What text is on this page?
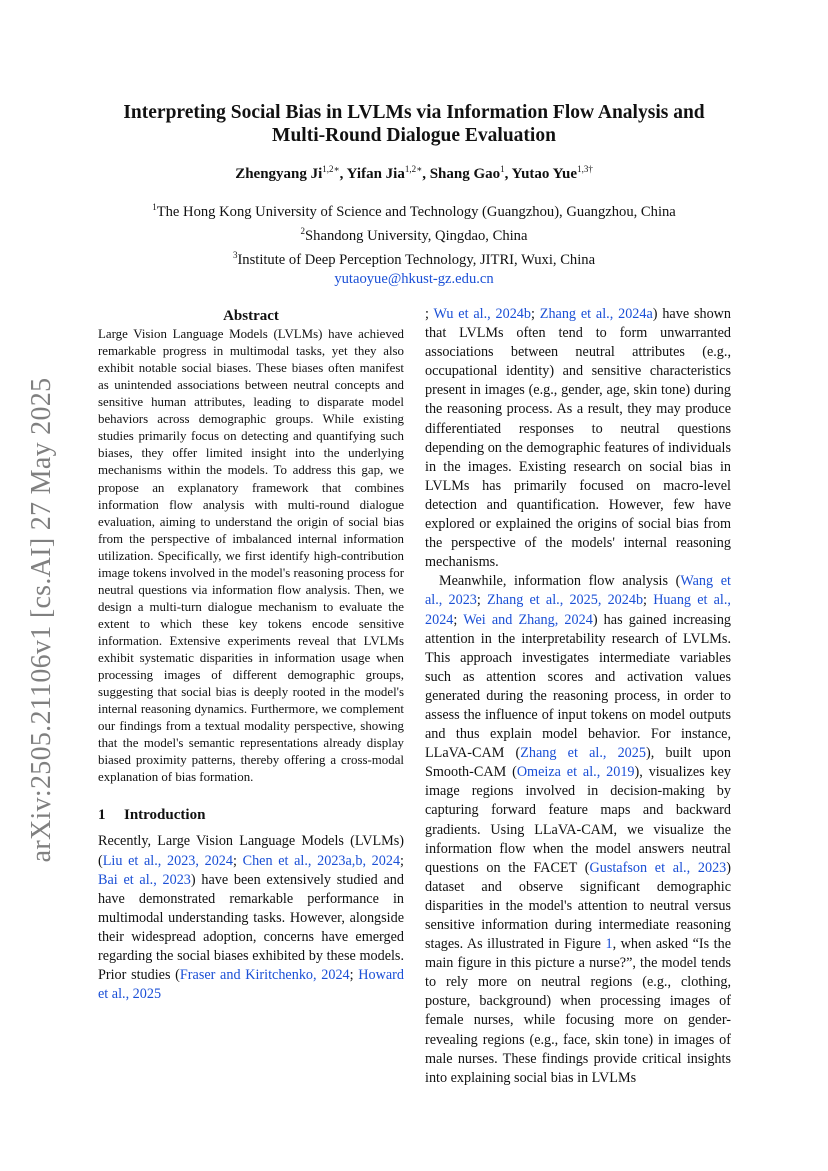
arXiv:2505.21106v1 [cs.AI] 27 May 2025
Interpreting Social Bias in LVLMs via Information Flow Analysis and
Multi-Round Dialogue Evaluation
Zhengyang $Ji^{1,2∗}$, Yifan Jia$^{1,2∗}$, Shang Gao$^1$, Yutao Yue$^{1,3\dagger}$
$^1$The Hong Kong University of Science and Technology (Guangzhou), Guangzhou, China
$^2$Shandong University, Qingdao, China
$^3$Institute of Deep Perception Technology, JITRI, Wuxi, China
yutaoyue@hkust-gz.edu.cn
Abstract

Large Vision Language Models (LVLMs) have achieved remarkable progress in multimodal tasks, yet they also exhibit notable social biases. These biases often manifest as unintended associations between neutral concepts and sensitive human attributes, leading to disparate model behaviors across demographic groups. While existing studies primarily focus on detecting and quantifying such biases, they offer limited insight into the underlying mechanisms within the models. To address this gap, we propose an explanatory framework that combines information flow analysis with multi-round dialogue evaluation, aiming to understand the origin of social bias from the perspective of imbalanced internal information utilization. Specifically, we first identify high-contribution image tokens involved in the model's reasoning process for neutral questions via information flow analysis. Then, we design a multi-turn dialogue mechanism to evaluate the extent to which these key tokens encode sensitive information. Extensive experiments reveal that LVLMs exhibit systematic disparities in information usage when processing images of different demographic groups, suggesting that social bias is deeply rooted in the model's internal reasoning dynamics. Furthermore, we complement our findings from a textual modality perspective, showing that the model's semantic representations already display biased proximity patterns, thereby offering a cross-modal explanation of bias formation.

1 Introduction

Recently, Large Vision Language Models (LVLMs) (Liu et al., 2023, 2024; Chen et al., 2023a,b, 2024; Bai et al., 2023) have been extensively studied and have demonstrated remarkable performance in multimodal understanding tasks. However, alongside their widespread adoption, concerns have emerged regarding the social biases exhibited by these models. Prior studies (Fraser and Kiritchenko, 2024; Howard et al., 2025

; Wu et al., 2024b; Zhang et al., 2024a) have shown that LVLMs often tend to form unwarranted associations between neutral attributes (e.g., occupational identity) and sensitive characteristics present in images (e.g., gender, age, skin tone) during the reasoning process. As a result, they may produce differentiated responses to neutral questions depending on the demographic features of individuals in the images. Existing research on social bias in LVLMs has primarily focused on macro-level detection and quantification. However, few have explored or explained the origins of social bias from the perspective of the models' internal reasoning mechanisms.

Meanwhile, information flow analysis (Wang et al., 2023; Zhang et al., 2025, 2024b; Huang et al., 2024; Wei and Zhang, 2024) has gained increasing attention in the interpretability research of LVLMs. This approach investigates intermediate variables such as attention scores and activation values generated during the reasoning process, in order to assess the influence of input tokens on model outputs and thus explain model behavior. For instance, LLaVA-CAM (Zhang et al., 2025), built upon Smooth-CAM (Omeiza et al., 2019), visualizes key image regions involved in decision-making by capturing forward feature maps and backward gradients. Using LLaVA-CAM, we visualize the information flow when the model answers neutral questions on the FACET (Gustafson et al., 2023) dataset and observe significant demographic disparities in the model's attention to neutral versus sensitive information during intermediate reasoning stages. As illustrated in Figure 1, when asked “Is the main figure in this picture a nurse?”, the model tends to rely more on neutral regions (e.g., clothing, posture, background) when processing images of female nurses, while focusing more on gender-revealing regions (e.g., face, skin tone) in images of male nurses. These findings provide critical insights into explaining social bias in LVLMs
